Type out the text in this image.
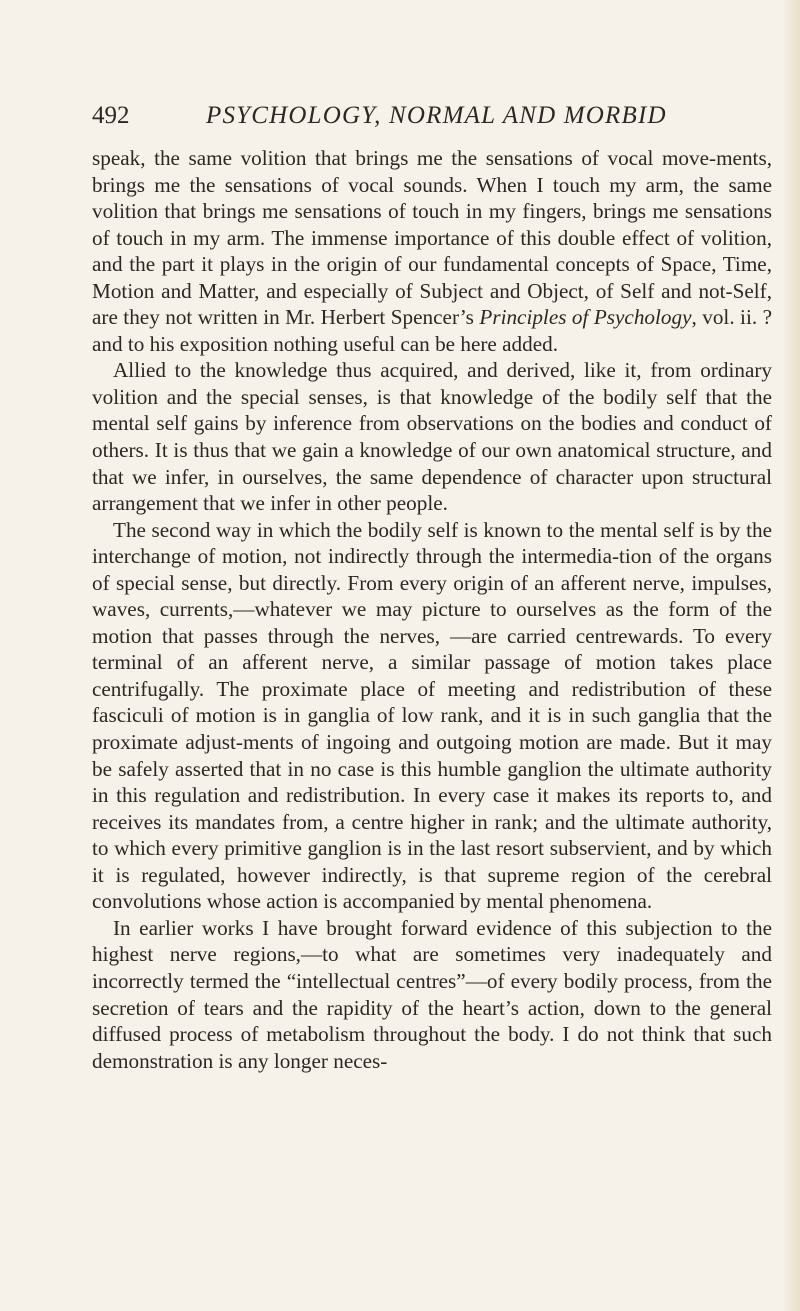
492	PSYCHOLOGY, NORMAL AND MORBID

speak, the same volition that brings me the sensations of vocal move-ments, brings me the sensations of vocal sounds. When I touch my arm, the same volition that brings me sensations of touch in my fingers, brings me sensations of touch in my arm. The immense importance of this double effect of volition, and the part it plays in the origin of our fundamental concepts of Space, Time, Motion and Matter, and especially of Subject and Object, of Self and not-Self, are they not written in Mr. Herbert Spencer’s Principles of Psychology, vol. ii. ? and to his exposition nothing useful can be here added.

Allied to the knowledge thus acquired, and derived, like it, from ordinary volition and the special senses, is that knowledge of the bodily self that the mental self gains by inference from observations on the bodies and conduct of others. It is thus that we gain a knowledge of our own anatomical structure, and that we infer, in ourselves, the same dependence of character upon structural arrangement that we infer in other people.

The second way in which the bodily self is known to the mental self is by the interchange of motion, not indirectly through the intermedia-tion of the organs of special sense, but directly. From every origin of an afferent nerve, impulses, waves, currents,—whatever we may picture to ourselves as the form of the motion that passes through the nerves, —are carried centrewards. To every terminal of an afferent nerve, a similar passage of motion takes place centrifugally. The proximate place of meeting and redistribution of these fasciculi of motion is in ganglia of low rank, and it is in such ganglia that the proximate adjust-ments of ingoing and outgoing motion are made. But it may be safely asserted that in no case is this humble ganglion the ultimate authority in this regulation and redistribution. In every case it makes its reports to, and receives its mandates from, a centre higher in rank; and the ultimate authority, to which every primitive ganglion is in the last resort subservient, and by which it is regulated, however indirectly, is that supreme region of the cerebral convolutions whose action is accompanied by mental phenomena.

In earlier works I have brought forward evidence of this subjection to the highest nerve regions,—to what are sometimes very inadequately and incorrectly termed the “intellectual centres”—of every bodily process, from the secretion of tears and the rapidity of the heart’s action, down to the general diffused process of metabolism throughout the body. I do not think that such demonstration is any longer neces-
